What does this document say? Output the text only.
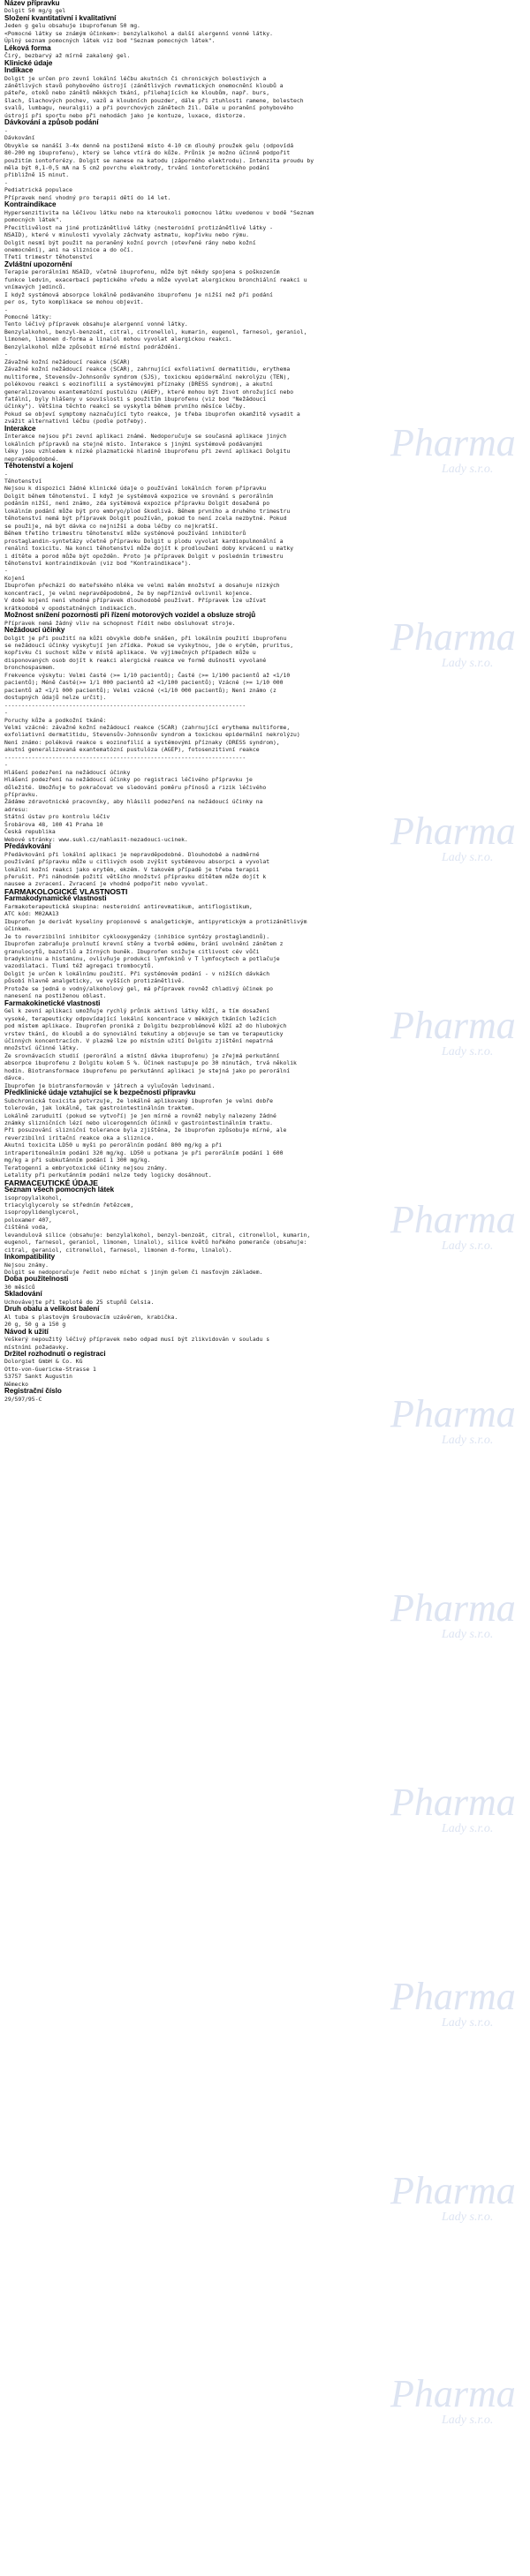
Název přípravku
Dolgit 50 mg/g gel
Složení kvantitativní i kvalitativní
Jeden g gelu obsahuje ibuprofenum 50 mg.
<Pomocné látky se známým účinkem>: benzylalkohol a další alergenní vonné látky.
Úplný seznam pomocných látek viz bod "Seznam pomocných látek".
Léková forma
Čirý, bezbarvý až mírně zakalený gel.
Klinické údaje
Indikace
Dolgit je určen pro zevní lokální léčbu akutních či chronických bolestivých a
zánětlivých stavů pohybového ústrojí (zánětlivých revmatických onemocnění kloubů a
páteře, otoků nebo zánětů měkkých tkání, přilehajících ke kloubům, např. burs,
šlach, šlachových pochev, vazů a kloubních pouzder, dále při ztuhlosti ramene, bolestech
svalů, lumbagu, neuralgii) a při povrchových zánětech žil. Dále u poranění pohybového
ústrojí při sportu nebo při nehodách jako je kontuze, luxace, distorze.
Dávkování a způsob podání
-
Dávkování
Obvykle se nanáší 3-4x denně na postižené místo 4-10 cm dlouhý proužek gelu (odpovídá
80-200 mg ibuprofenu), který se lehce vtírá do kůže. Průnik je možno účinně podpořit
použitím iontoforézy. Dolgit se nanese na katodu (záporného elektrodu). Intenzita proudu by
měla být 0,1-0,5 mA na 5 cm2 povrchu elektrody, trvání iontoforetického podání
přibližně 15 minut.
-
Pediatrická populace
Přípravek není vhodný pro terapii dětí do 14 let.
Kontraindikace
Hypersenzitivita na léčivou látku nebo na kteroukoli pomocnou látku uvedenou v bodě "Seznam
pomocných látek".
Přecitlivělost na jiné protizánětlivé látky (nesteroidní protizánětlivé látky -
NSAID), které v minulosti vyvolaly záchvaty astmatu, kopřivku nebo rýmu.
Dolgit nesmí být použit na poraněný kožní povrch (otevřené rány nebo kožní
onemocnění), ani na sliznice a do očí.
Třetí trimestr těhotenství
Zvláštní upozornění
Terapie perorálními NSAID, včetně ibuprofenu, může být někdy spojena s poškozením
funkce ledvin, exacerbací peptického vředu a může vyvolat alergickou bronchiální reakci u
vnímavých jedinců.
I když systémová absorpce lokálně podávaného ibuprofenu je nižší než při podání
per os, tyto komplikace se mohou objevit.
-
Pomocné látky:
Tento léčivý přípravek obsahuje alergenní vonné látky.
Benzylalkohol, benzyl-benzoát, citral, citronellol, kumarin, eugenol, farnesol, geraniol,
limonen, limonen d-forma a linalol mohou vyvolat alergickou reakci.
Benzylalkohol může způsobit mírné místní podráždění.
-
Závažné kožní nežádoucí reakce (SCAR)
Závažné kožní nežádoucí reakce (SCAR), zahrnující exfoliativní dermatitidu, erythema
multiforme, Stevensův-Johnsonův syndrom (SJS), toxickou epidermální nekrolýzu (TEN),
polékovou reakci s eozinofilií a systémovými příznaky (DRESS syndrom), a akutní
generalizovanou exantematózní pustulózu (AGEP), které mohou být život ohrožující nebo
fatální, byly hlášeny v souvislosti s použitím ibuprofenu (viz bod "Nežádoucí
účinky"). Většina těchto reakcí se vyskytla během prvního měsíce léčby.
Pokud se objeví symptomy naznačující tyto reakce, je třeba ibuprofen okamžitě vysadit a
zvážit alternativní léčbu (podle potřeby).
Interakce
Interakce nejsou při zevní aplikaci známé. Nedoporučuje se současná aplikace jiných
lokálních přípravků na stejné místo. Interakce s jinými systémově podávanými
léky jsou vzhledem k nízké plazmatické hladině ibuprofenu při zevní aplikaci Dolgitu
nepravděpodobné.
Těhotenství a kojení
-
Těhotenství
Nejsou k dispozici žádné klinické údaje o používání lokálních forem přípravku
Dolgit během těhotenství. I když je systémová expozice ve srovnání s perorálním
podáním nižší, není známo, zda systémová expozice přípravku Dolgit dosažená po
lokálním podání může být pro embryo/plod škodlivá. Během prvního a druhého trimestru
těhotenství nemá být přípravek Dolgit používán, pokud to není zcela nezbytné. Pokud
se použije, má být dávka co nejnižší a doba léčby co nejkratší.
Během třetího trimestru těhotenství může systémové používání inhibitorů
prostaglandin-syntetázy včetně přípravku Dolgit u plodu vyvolat kardiopulmonální a
renální toxicitu. Na konci těhotenství může dojít k prodloužení doby krvácení u matky
i dítěte a porod může být opožděn. Proto je přípravek Dolgit v posledním trimestru
těhotenství kontraindikován (viz bod "Kontraindikace").
-
Kojení
Ibuprofen přechází do mateřského mléka ve velmi malém množství a dosahuje nízkých
koncentrací, je velmi nepravděpodobné, že by nepříznivě ovlivnil kojence.
V době kojení není vhodné přípravek dlouhodobě používat. Přípravek lze užívat
krátkodobě v opodstatněných indikacích.
Možnost snížení pozornosti při řízení motorových vozidel a obsluze strojů
Přípravek nemá žádný vliv na schopnost řídit nebo obsluhovat stroje.
Nežádoucí účinky
Dolgit je při použití na kůži obvykle dobře snášen, při lokálním použití ibuprofenu
se nežádoucí účinky vyskytují jen zřídka. Pokud se vyskytnou, jde o erytém, pruritus,
kopřivku či suchost kůže v místě aplikace. Ve výjimečných případech může u
disponovaných osob dojít k reakci alergické reakce ve formě dušnosti vyvolané
bronchospasmem.
Frekvence výskytu: Velmi časté (>= 1/10 pacientů); Časté (>= 1/100 pacientů až <1/10
pacientů); Méně časté(>= 1/1 000 pacientů až <1/100 pacientů); Vzácné (>= 1/10 000
pacientů až <1/1 000 pacientů); Velmi vzácné (<1/10 000 pacientů); Není známo (z
dostupných údajů nelze určit).
-----------------------------------------------------------------------
-
Poruchy kůže a podkožní tkáně:
Velmi vzácné: závažné kožní nežádoucí reakce (SCAR) (zahrnující erythema multiforme,
exfoliativní dermatitidu, Stevensův-Johnsonův syndrom a toxickou epidermální nekrolýzu)
Není známo: poléková reakce s eozinofilií a systémovými příznaky (DRESS syndrom),
akutní generalizovaná exantematózní pustulóza (AGEP), fotosenzitivní reakce
-----------------------------------------------------------------------
-
Hlášení podezření na nežádoucí účinky
Hlášení podezření na nežádoucí účinky po registraci léčivého přípravku je
důležité. Umožňuje to pokračovat ve sledování poměru přínosů a rizik léčivého
přípravku.
Žádáme zdravotnické pracovníky, aby hlásili podezření na nežádoucí účinky na
adresu:
Státní ústav pro kontrolu léčiv
Šrobárova 48, 100 41 Praha 10
Česká republika
Webové stránky: www.sukl.cz/nahlasit-nezadouci-ucinek.
Předávkování
Předávkování při lokální aplikaci je nepravděpodobné. Dlouhodobé a nadměrné
používání přípravku může u citlivých osob zvýšit systémovou absorpci a vyvolat
lokální kožní reakci jako erytém, ekzém. V takovém případě je třeba terapii
přerušit. Při náhodném požití většího množství přípravku dítětem může dojít k
nausee a zvracení. Zvracení je vhodné podpořit nebo vyvolat.
FARMAKOLOGICKÉ VLASTNOSTI
Farmakodynamické vlastnosti
Farmakoterapeutická skupina: nesteroidní antirevmatikum, antiflogistikum,
ATC kód: M02AA13
Ibuprofen je derivát kyseliny propionové s analgetickým, antipyretickým a protizánětlivým
účinkem.
Je to reverzibilní inhibitor cyklooxygenázy (inhibice syntézy prostaglandinů).
Ibuprofen zabraňuje prolnutí krevní stěny a tvorbě edému, brání uvolnění zánětem z
granulocytů, bazofilů a žírných buněk. Ibuprofen snižuje citlivost cév vůči
bradykininu a histaminu, ovlivňuje produkci lymfokinů v T lymfocytech a potlačuje
vazodilataci. Tlumí též agregaci trombocytů.
Dolgit je určen k lokálnímu použití. Při systémovém podání - v nižších dávkách
působí hlavně analgeticky, ve vyšších protizánětlivě.
Protože se jedná o vodný/alkoholový gel, má přípravek rovněž chladivý účinek po
nanesení na postiženou oblast.
Farmakokinetické vlastnosti
Gel k zevní aplikaci umožňuje rychlý průnik aktivní látky kůží, a tím dosažení
vysoké, terapeuticky odpovídající lokální koncentrace v měkkých tkáních ležících
pod místem aplikace. Ibuprofen proniká z Dolgitu bezproblémově kůží až do hlubokých
vrstev tkání, do kloubů a do synoviální tekutiny a objevuje se tam ve terapeuticky
účinných koncentracích. V plazmě lze po místním užití Dolgitu zjištění nepatrná
množství účinné látky.
Ze srovnávacích studií (perorální a místní dávka ibuprofenu) je zřejmá perkutánní
absorpce ibuprofenu z Dolgitu kolem 5 %. Účinek nastupuje po 30 minutách, trvá několik
hodin. Biotransformace ibuprofenu po perkutánní aplikaci je stejná jako po perorální
dávce.
Ibuprofen je biotransformován v játrech a vylučován ledvinami.
Předklinické údaje vztahující se k bezpečnosti přípravku
Subchronická toxicita potvrzuje, že lokálně aplikovaný ibuprofen je velmi dobře
tolerován, jak lokálně, tak gastrointestinálním traktem.
Lokálně zaruduití (pokud se vytvoří) je jen mírné a rovněž nebyly nalezeny žádné
známky slizničních lézí nebo ulcerogenních účinků v gastrointestinálním traktu.
Při posuzování slizniční tolerance byla zjištěna, že ibuprofen způsobuje mírné, ale
reverzibilní iritační reakce oka a sliznice.
Akutní toxicita LD50 u myši po perorálním podání 800 mg/kg a při
intraperitoneálním podání 320 mg/kg. LD50 u potkana je při perorálním podání 1 600
mg/kg a při subkutánním podání 1 300 mg/kg.
Teratogenní a embryotoxické účinky nejsou známy.
Letality při perkutánním podání nelze tedy logicky dosáhnout.
FARMACEUTICKÉ ÚDAJE
Seznam všech pomocných látek
isopropylalkohol,
triacylglyceroly se středním řetězcem,
isopropylidenglycerol,
poloxamer 407,
čištěná voda,
levandulová silice (obsahuje: benzylalkohol, benzyl-benzoát, citral, citronellol, kumarin,
eugenol, farnesol, geraniol, limonen, linalol), silice květů hořkého pomeranče (obsahuje:
citral, geraniol, citronellol, farnesol, limonen d-formu, linalol).
Inkompatibility
Nejsou známy.
Dolgit se nedoporučuje ředit nebo míchat s jiným gelem či masťovým základem.
Doba použitelnosti
30 měsíců
Skladování
Uchovávejte při teplotě do 25 stupňů Celsia.
Druh obalu a velikost balení
Al tuba s plastovým šroubovacím uzávěrem, krabička.
20 g, 50 g a 150 g
Návod k užití
Veškerý nepoužitý léčivý přípravek nebo odpad musí být zlikvidován v souladu s
místními požadavky.
Držitel rozhodnutí o registraci
Dolorgiet GmbH & Co. KG
Otto-von-Guericke-Strasse 1
53757 Sankt Augustin
Německo
Registrační číslo
29/597/95-C
Pharma
Lady s.r.o.
Pharma
Lady s.r.o.
Pharma
Lady s.r.o.
Pharma
Lady s.r.o.
Pharma
Lady s.r.o.
Pharma
Lady s.r.o.
Pharma
Lady s.r.o.
Pharma
Lady s.r.o.
Pharma
Lady s.r.o.
Pharma
Lady s.r.o.
Pharma
Lady s.r.o.
